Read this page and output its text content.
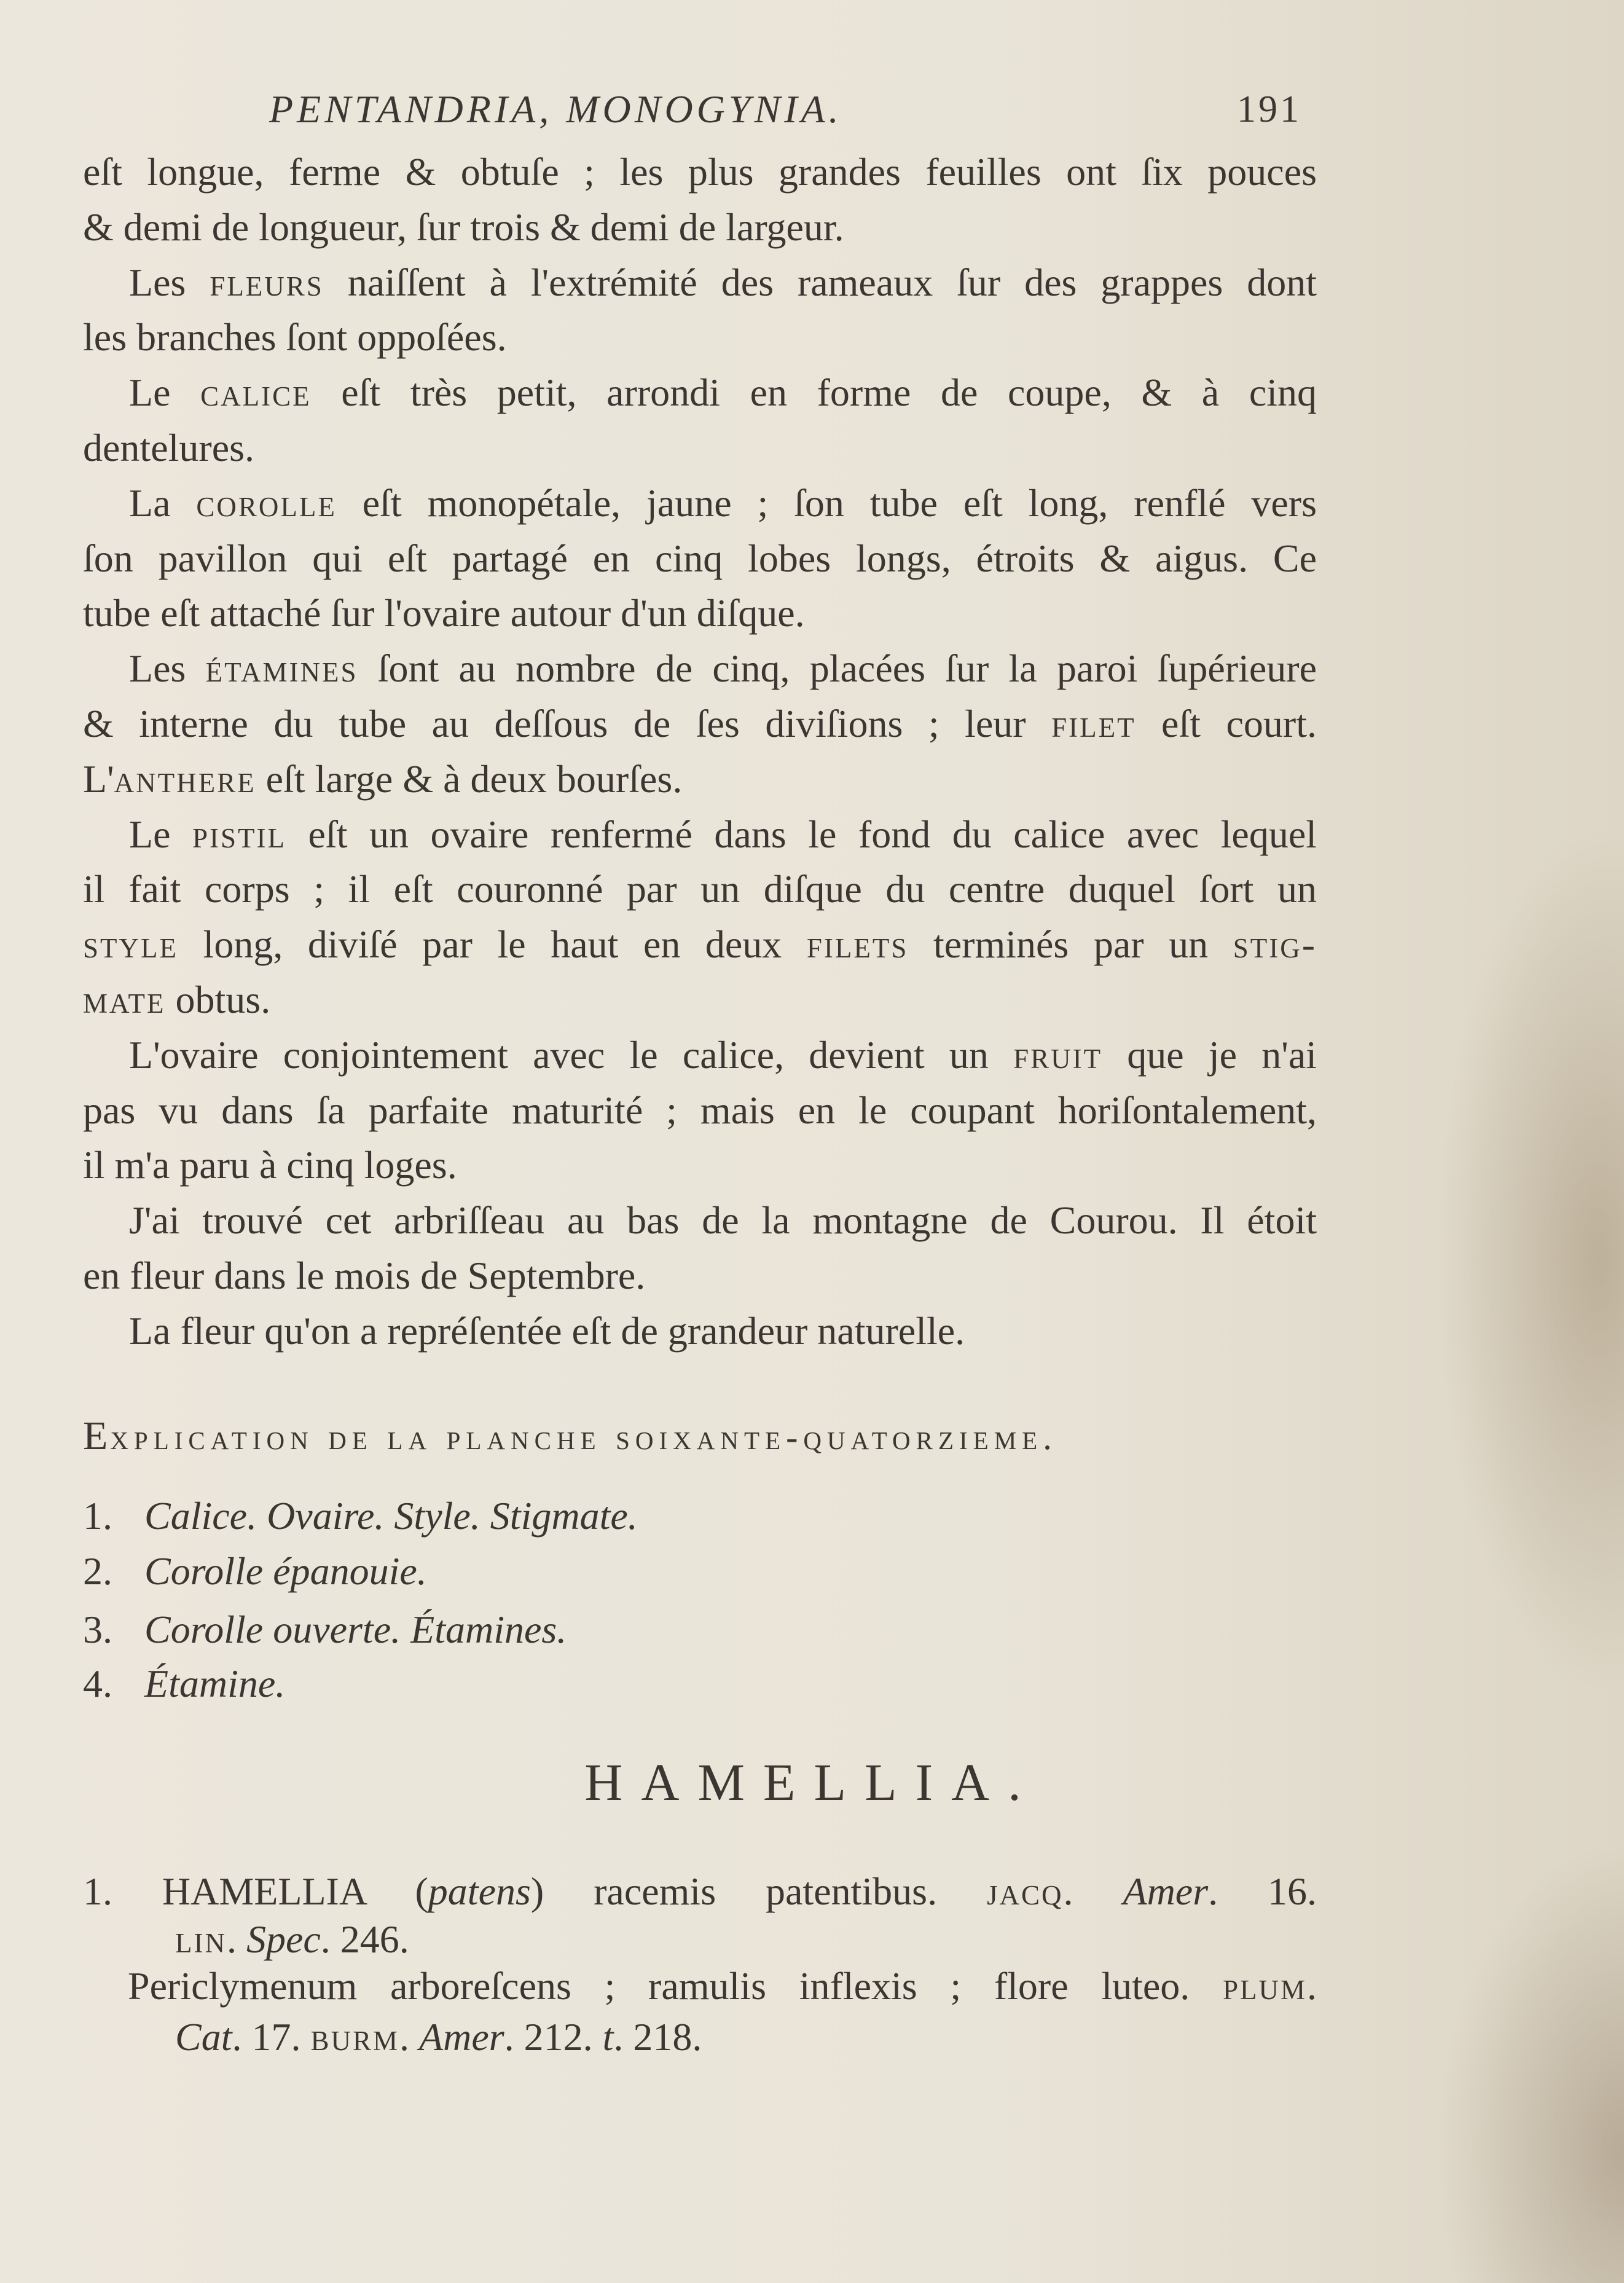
PENTANDRIA, MONOGYNIA.	191
eſt longue, ferme & obtuſe ; les plus grandes feuilles ont ſix pouces
& demi de longueur, ſur trois & demi de largeur.
Les fleurs naiſſent à l'extrémité des rameaux ſur des grappes dont
les branches ſont oppoſées.
Le calice eſt très petit, arrondi en forme de coupe, & à cinq
dentelures.
La corolle eſt monopétale, jaune ; ſon tube eſt long, renflé vers
ſon pavillon qui eſt partagé en cinq lobes longs, étroits & aigus. Ce
tube eſt attaché ſur l'ovaire autour d'un diſque.
Les étamines ſont au nombre de cinq, placées ſur la paroi ſupérieure
& interne du tube au deſſous de ſes diviſions ; leur filet eſt court.
L'anthere eſt large & à deux bourſes.
Le pistil eſt un ovaire renfermé dans le fond du calice avec lequel
il fait corps ; il eſt couronné par un diſque du centre duquel ſort un
style long, diviſé par le haut en deux filets terminés par un stig-
mate obtus.
L'ovaire conjointement avec le calice, devient un fruit que je n'ai
pas vu dans ſa parfaite maturité ; mais en le coupant horiſontalement,
il m'a paru à cinq loges.
J'ai trouvé cet arbriſſeau au bas de la montagne de Courou. Il étoit
en fleur dans le mois de Septembre.
La fleur qu'on a repréſentée eſt de grandeur naturelle.
Explication de la planche soixante-quatorzieme.
1. Calice. Ovaire. Style. Stigmate.
2. Corolle épanouie.
3. Corolle ouverte. Étamines.
4. Étamine.
HAMELLIA.
1. HAMELLIA (patens) racemis patentibus. jacq. Amer. 16.
lin. Spec. 246.
Periclymenum arboreſcens ; ramulis inflexis ; flore luteo. plum.
Cat. 17. burm. Amer. 212. t. 218.
